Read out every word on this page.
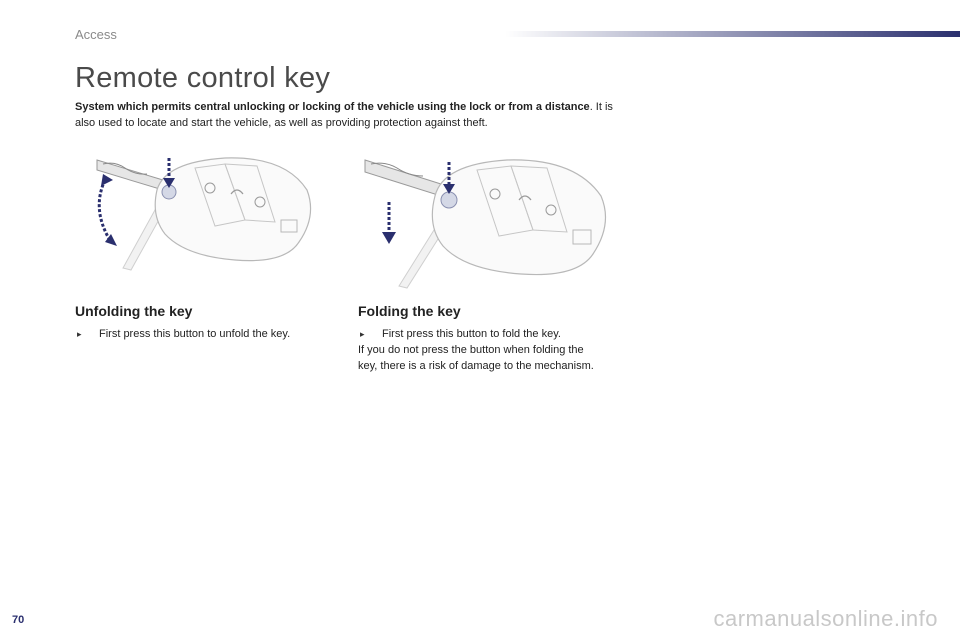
Access
Remote control key
System which permits central unlocking or locking of the vehicle using the lock or from a distance. It is also used to locate and start the vehicle, as well as providing protection against theft.
Unfolding the key
▸ First press this button to unfold the key.
Folding the key
▸ First press this button to fold the key.
If you do not press the button when folding the key, there is a risk of damage to the mechanism.
70	carmanualsonline.info
